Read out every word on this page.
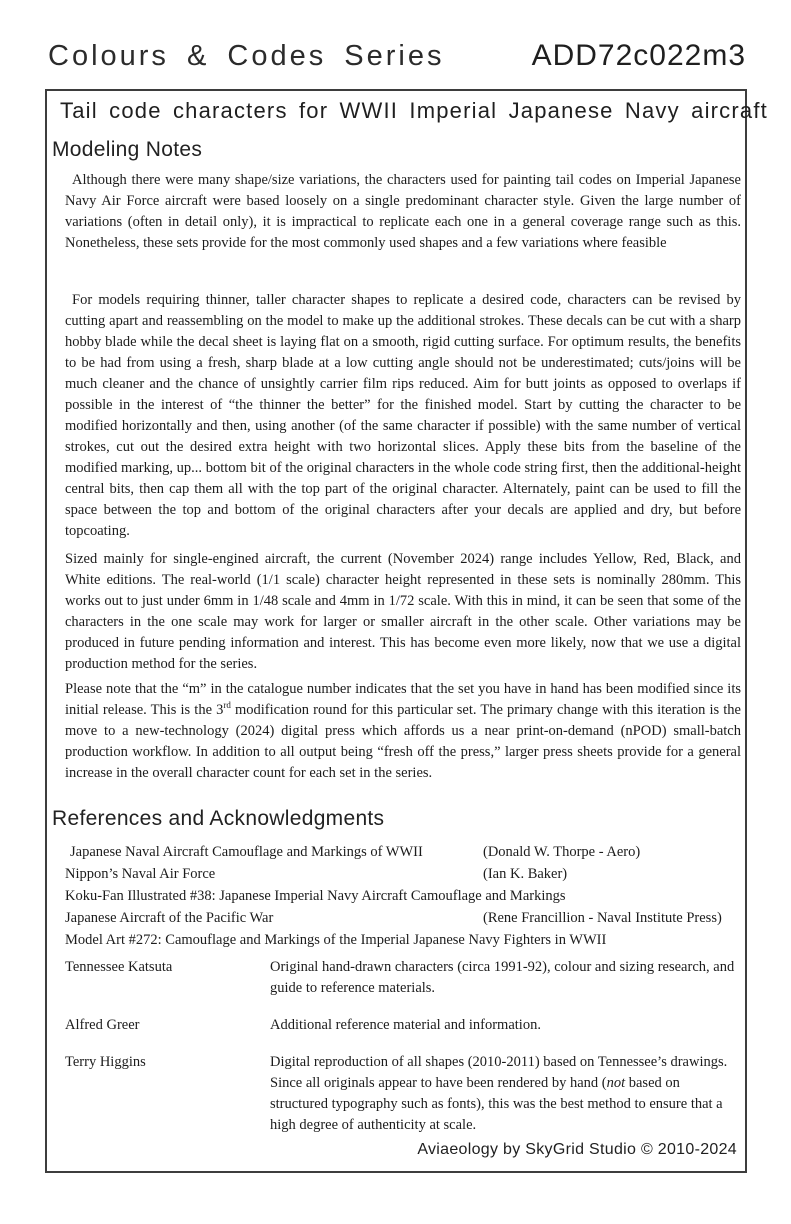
Colours & Codes Series	ADD72c022m3
Tail code characters for WWII Imperial Japanese Navy aircraft
Modeling Notes

Although there were many shape/size variations, the characters used for painting tail codes on Imperial Japanese Navy Air Force aircraft were based loosely on a single predominant character style. Given the large number of variations (often in detail only), it is impractical to replicate each one in a general coverage range such as this. Nonetheless, these sets provide for the most commonly used shapes and a few variations where feasible

For models requiring thinner, taller character shapes to replicate a desired code, characters can be revised by cutting apart and reassembling on the model to make up the additional strokes. These decals can be cut with a sharp hobby blade while the decal sheet is laying flat on a smooth, rigid cutting surface. For optimum results, the benefits to be had from using a fresh, sharp blade at a low cutting angle should not be underestimated; cuts/joins will be much cleaner and the chance of unsightly carrier film rips reduced. Aim for butt joints as opposed to overlaps if possible in the interest of “the thinner the better” for the finished model. Start by cutting the character to be modified horizontally and then, using another (of the same character if possible) with the same number of vertical strokes, cut out the desired extra height with two horizontal slices. Apply these bits from the baseline of the modified marking, up... bottom bit of the original characters in the whole code string first, then the additional-height central bits, then cap them all with the top part of the original character. Alternately, paint can be used to fill the space between the top and bottom of the original characters after your decals are applied and dry, but before topcoating.

Sized mainly for single-engined aircraft, the current (November 2024) range includes Yellow, Red, Black, and White editions. The real-world (1/1 scale) character height represented in these sets is nominally 280mm. This works out to just under 6mm in 1/48 scale and 4mm in 1/72 scale. With this in mind, it can be seen that some of the characters in the one scale may work for larger or smaller aircraft in the other scale. Other variations may be produced in future pending information and interest. This has become even more likely, now that we use a digital production method for the series.

Please note that the “m” in the catalogue number indicates that the set you have in hand has been modified since its initial release. This is the 3rd modification round for this particular set. The primary change with this iteration is the move to a new-technology (2024) digital press which affords us a near print-on-demand (nPOD) small-batch production workflow. In addition to all output being “fresh off the press,” larger press sheets provide for a general increase in the overall character count for each set in the series.

References and Acknowledgments
Japanese Naval Aircraft Camouflage and Markings of WWII	(Donald W. Thorpe - Aero)
Nippon’s Naval Air Force	(Ian K. Baker)
Koku-Fan Illustrated #38: Japanese Imperial Navy Aircraft Camouflage and Markings
Japanese Aircraft of the Pacific War	(Rene Francillion - Naval Institute Press)
Model Art #272: Camouflage and Markings of the Imperial Japanese Navy Fighters in WWII
Tennessee Katsuta	Original hand-drawn characters (circa 1991-92), colour and sizing research, and guide to reference materials.
Alfred Greer	Additional reference material and information.
Terry Higgins	Digital reproduction of all shapes (2010-2011) based on Tennessee’s drawings. Since all originals appear to have been rendered by hand (not based on structured typography such as fonts), this was the best method to ensure that a high degree of authenticity at scale.
Aviaeology by SkyGrid Studio © 2010-2024
